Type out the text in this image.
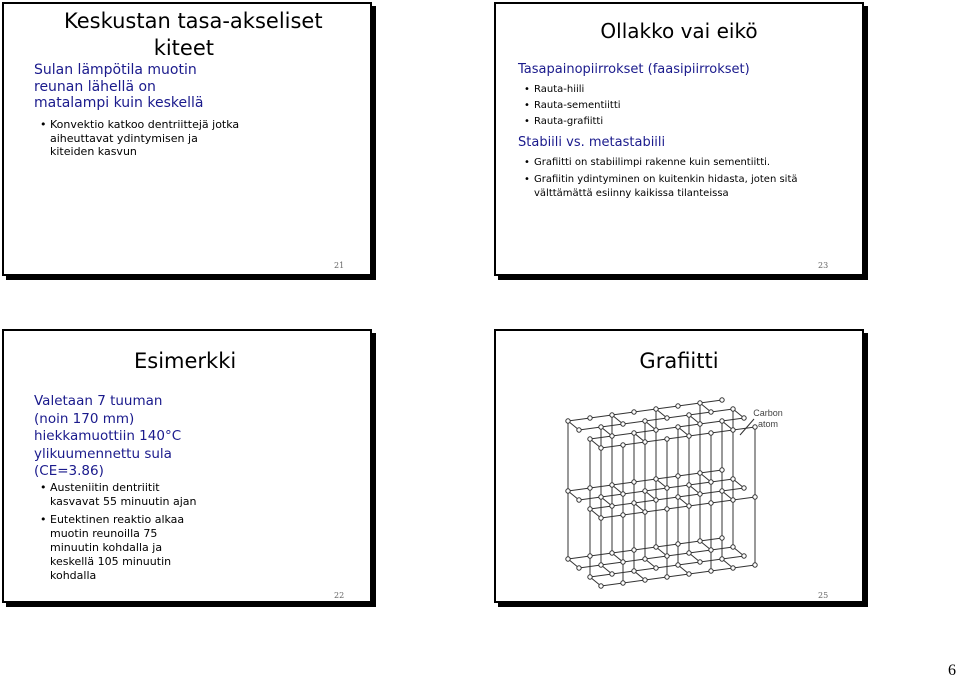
Keskustan tasa-akseliset
kiteet
Sulan lämpötila muotin reunan lähellä on matalampi kuin keskellä
• Konvektio katkoo dentriittejä jotka aiheuttavat ydintymisen ja kiteiden kasvun
21
Ollakko vai eikö
Tasapainopiirrokset (faasipiirrokset)
• Rauta-hiili
• Rauta-sementiitti
• Rauta-grafiitti
Stabiili vs. metastabiili
• Grafiitti on stabiilimpi rakenne kuin sementiitti.
• Grafiitin ydintyminen on kuitenkin hidasta, joten sitä välttämättä esiinny kaikissa tilanteissa
23
Esimerkki
Valetaan 7 tuuman (noin 170 mm) hiekkamuottiin 140°C ylikuumennettu sula (CE=3.86)
• Austeniitin dentriitit kasvavat 55 minuutin ajan
• Eutektinen reaktio alkaa muotin reunoilla 75 minuutin kohdalla ja keskellä 105 minuutin kohdalla
22
Grafiitti
Carbon
atom
25
6
